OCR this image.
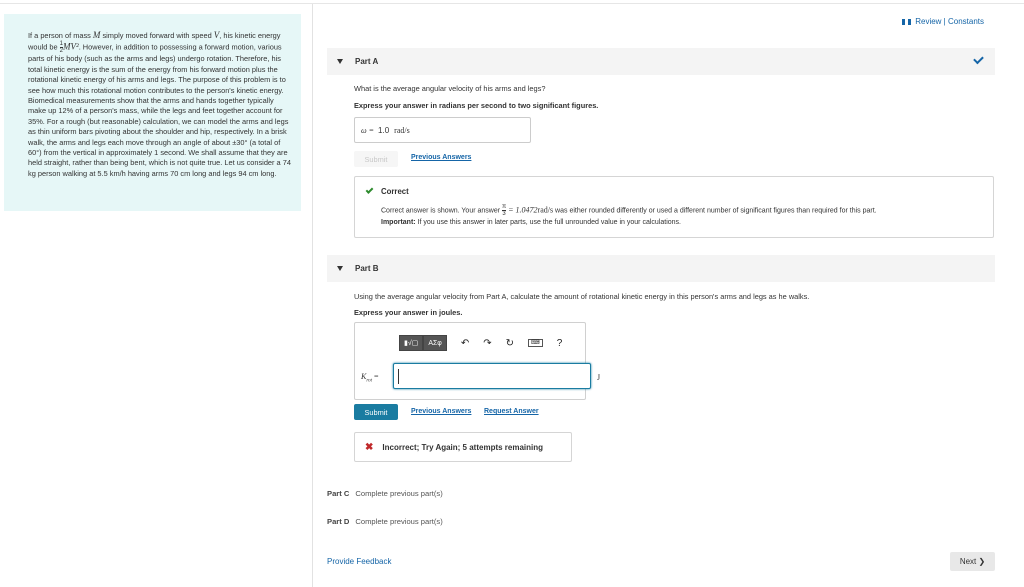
If a person of mass M simply moved forward with speed V, his kinetic energy would be $\frac{1}{2} MV^2$. However, in addition to possessing a forward motion, various parts of his body (such as the arms and legs) undergo rotation. Therefore, his total kinetic energy is the sum of the energy from his forward motion plus the rotational kinetic energy of his arms and legs. The purpose of this problem is to see how much this rotational motion contributes to the person's kinetic energy. Biomedical measurements show that the arms and hands together typically make up 12% of a person's mass, while the legs and feet together account for 35%. For a rough (but reasonable) calculation, we can model the arms and legs as thin uniform bars pivoting about the shoulder and hip, respectively. In a brisk walk, the arms and legs each move through an angle of about ±30° (a total of 60°) from the vertical in approximately 1 second. We shall assume that they are held straight, rather than being bent, which is not quite true. Let us consider a 74 kg person walking at 5.5 km/h having arms 70 cm long and legs 94 cm long.
Review | Constants
Part A
What is the average angular velocity of his arms and legs?
Express your answer in radians per second to two significant figures.
ω = 1.0 rad/s
Submit	Previous Answers
Correct
Correct answer is shown. Your answer $\frac{\pi}{3} = 1.0472rad/s$ was either rounded differently or used a different number of significant figures than required for this part.
Important: If you use this answer in later parts, use the full unrounded value in your calculations.
Part B
Using the average angular velocity from Part A, calculate the amount of rotational kinetic energy in this person's arms and legs as he walks.
Express your answer in joules.
▮√▢	ΑΣφ	↶ ↷ ↻	⌨	?
$K_{rot}$ =	J
Submit	Previous Answers Request Answer
✖ Incorrect; Try Again; 5 attempts remaining
Part C Complete previous part(s)
Part D Complete previous part(s)
Provide Feedback	Next ❯
